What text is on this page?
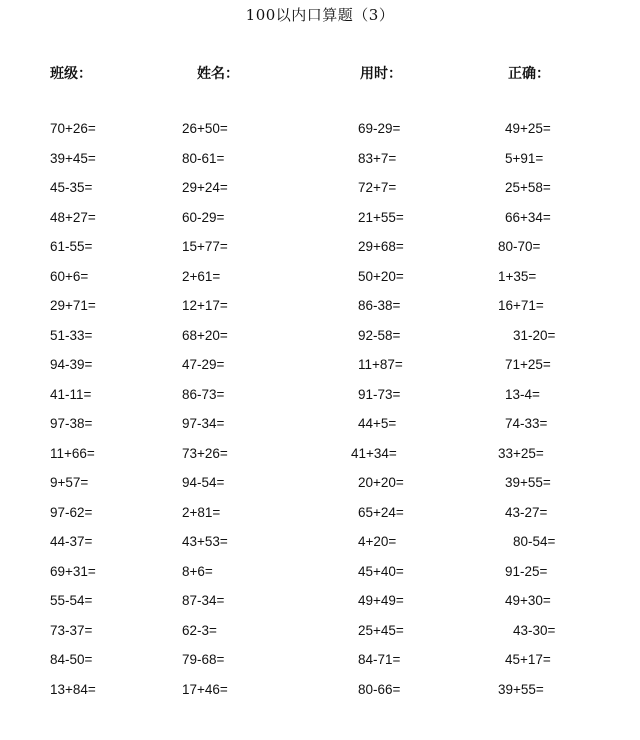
100以内口算题（3）
班级：	姓名：	用时：	正确：
70+26=	26+50=	69-29=	49+25=
39+45=	80-61=	83+7=	5+91=
45-35=	29+24=	72+7=	25+58=
48+27=	60-29=	21+55=	66+34=
61-55=	15+77=	29+68=	80-70=
60+6=	2+61=	50+20=	1+35=
29+71=	12+17=	86-38=	16+71=
51-33=	68+20=	92-58=	31-20=
94-39=	47-29=	11+87=	71+25=
41-11=	86-73=	91-73=	13-4=
97-38=	97-34=	44+5=	74-33=
11+66=	73+26=	41+34=	33+25=
9+57=	94-54=	20+20=	39+55=
97-62=	2+81=	65+24=	43-27=
44-37=	43+53=	4+20=	80-54=
69+31=	8+6=	45+40=	91-25=
55-54=	87-34=	49+49=	49+30=
73-37=	62-3=	25+45=	43-30=
84-50=	79-68=	84-71=	45+17=
13+84=	17+46=	80-66=	39+55=
